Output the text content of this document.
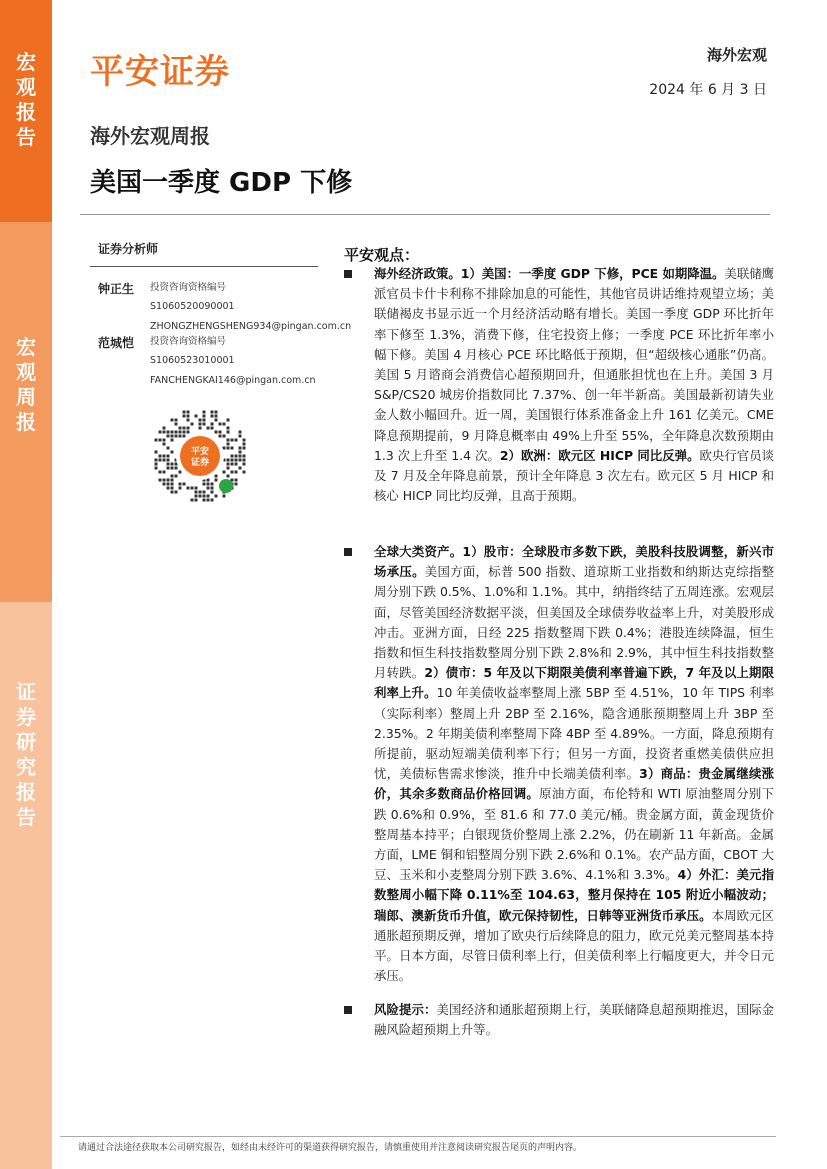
宏
观
报
告
宏
观
周
报
证
券
研
究
报
告
平安证券	海外宏观
2024 年 6 月 3 日
海外宏观周报
美国一季度 GDP 下修
证券分析师
钟正生	投资咨询资格编号
S1060520090001
ZHONGZHENGSHENG934@pingan.com.cn
范城恺	投资咨询资格编号
S1060523010001
FANCHENGKAI146@pingan.com.cn
平安
证券
平安观点：
海外经济政策。1）美国：一季度 GDP 下修，PCE 如期降温。美联储鹰派官员卡什卡利称不排除加息的可能性，其他官员讲话维持观望立场；美联储褐皮书显示近一个月经济活动略有增长。美国一季度 GDP 环比折年率下修至 1.3%，消费下修，住宅投资上修；一季度 PCE 环比折年率小幅下修。美国 4 月核心 PCE 环比略低于预期，但“超级核心通胀”仍高。美国 5 月谘商会消费信心超预期回升，但通胀担忧也在上升。美国 3 月 S&P/CS20 城房价指数同比 7.37%、创一年半新高。美国最新初请失业金人数小幅回升。近一周，美国银行体系准备金上升 161 亿美元。CME 降息预期提前，9 月降息概率由 49%上升至 55%，全年降息次数预期由 1.3 次上升至 1.4 次。2）欧洲：欧元区 HICP 同比反弹。欧央行官员谈及 7 月及全年降息前景，预计全年降息 3 次左右。欧元区 5 月 HICP 和核心 HICP 同比均反弹，且高于预期。
全球大类资产。1）股市：全球股市多数下跌，美股科技股调整，新兴市场承压。美国方面，标普 500 指数、道琼斯工业指数和纳斯达克综指整周分别下跌 0.5%、1.0%和 1.1%。其中，纳指终结了五周连涨。宏观层面，尽管美国经济数据平淡，但美国及全球债券收益率上升，对美股形成冲击。亚洲方面，日经 225 指数整周下跌 0.4%；港股连续降温，恒生指数和恒生科技指数整周分别下跌 2.8%和 2.9%，其中恒生科技指数整月转跌。2）债市：5 年及以下期限美债利率普遍下跌，7 年及以上期限利率上升。10 年美债收益率整周上涨 5BP 至 4.51%，10 年 TIPS 利率（实际利率）整周上升 2BP 至 2.16%，隐含通胀预期整周上升 3BP 至 2.35%。2 年期美债利率整周下降 4BP 至 4.89%。一方面，降息预期有所提前，驱动短端美债利率下行；但另一方面，投资者重燃美债供应担忧，美债标售需求惨淡，推升中长端美债利率。3）商品：贵金属继续涨价，其余多数商品价格回调。原油方面，布伦特和 WTI 原油整周分别下跌 0.6%和 0.9%，至 81.6 和 77.0 美元/桶。贵金属方面，黄金现货价整周基本持平；白银现货价整周上涨 2.2%，仍在刷新 11 年新高。金属方面，LME 铜和铝整周分别下跌 2.6%和 0.1%。农产品方面，CBOT 大豆、玉米和小麦整周分别下跌 3.6%、4.1%和 3.3%。4）外汇：美元指数整周小幅下降 0.11%至 104.63，整月保持在 105 附近小幅波动；瑞郎、澳新货币升值，欧元保持韧性，日韩等亚洲货币承压。本周欧元区通胀超预期反弹，增加了欧央行后续降息的阻力，欧元兑美元整周基本持平。日本方面，尽管日债利率上行，但美债利率上行幅度更大，并令日元承压。
风险提示：美国经济和通胀超预期上行，美联储降息超预期推迟，国际金融风险超预期上升等。
请通过合法途径获取本公司研究报告，如经由未经许可的渠道获得研究报告，请慎重使用并注意阅读研究报告尾页的声明内容。
